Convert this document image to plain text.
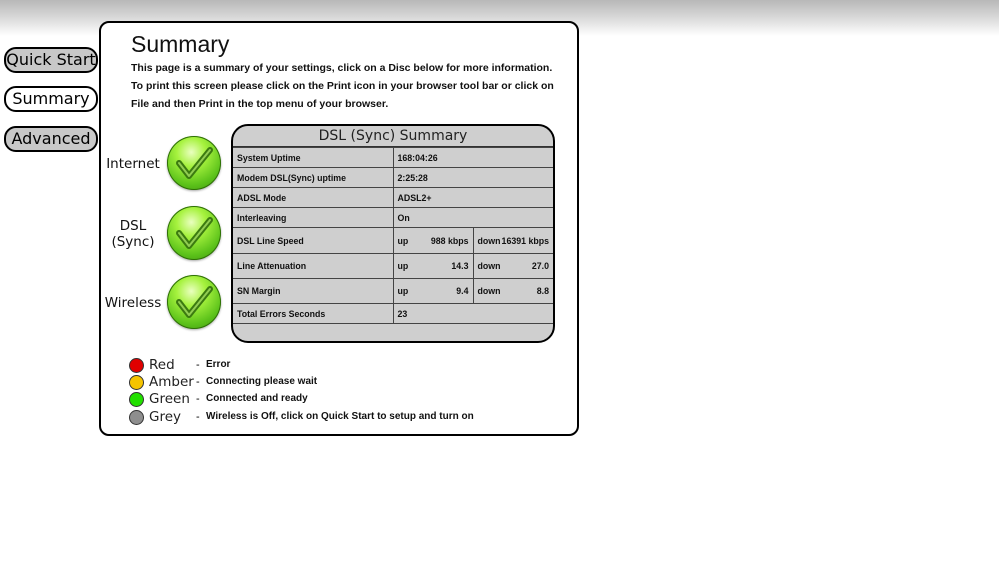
Quick Start
Summary
Advanced
Summary
This page is a summary of your settings, click on a Disc below for more information.
To print this screen please click on the Print icon in your browser tool bar or click on File and then Print in the top menu of your browser.
Internet
DSL (Sync)
Wireless
DSL (Sync) Summary
System Uptime	168:04:26	
Modem DSL(Sync) uptime	2:25:28	
ADSL Mode	ADSL2+	
Interleaving	On	
DSL Line Speed	up 988 kbps	down 16391 kbps

Line Attenuation	up 14.3	down 27.0

SN Margin	up 9.4	down 8.8

Total Errors Seconds	23	
Red - Error
Amber - Connecting please wait
Green - Connected and ready
Grey - Wireless is Off, click on Quick Start to setup and turn on
